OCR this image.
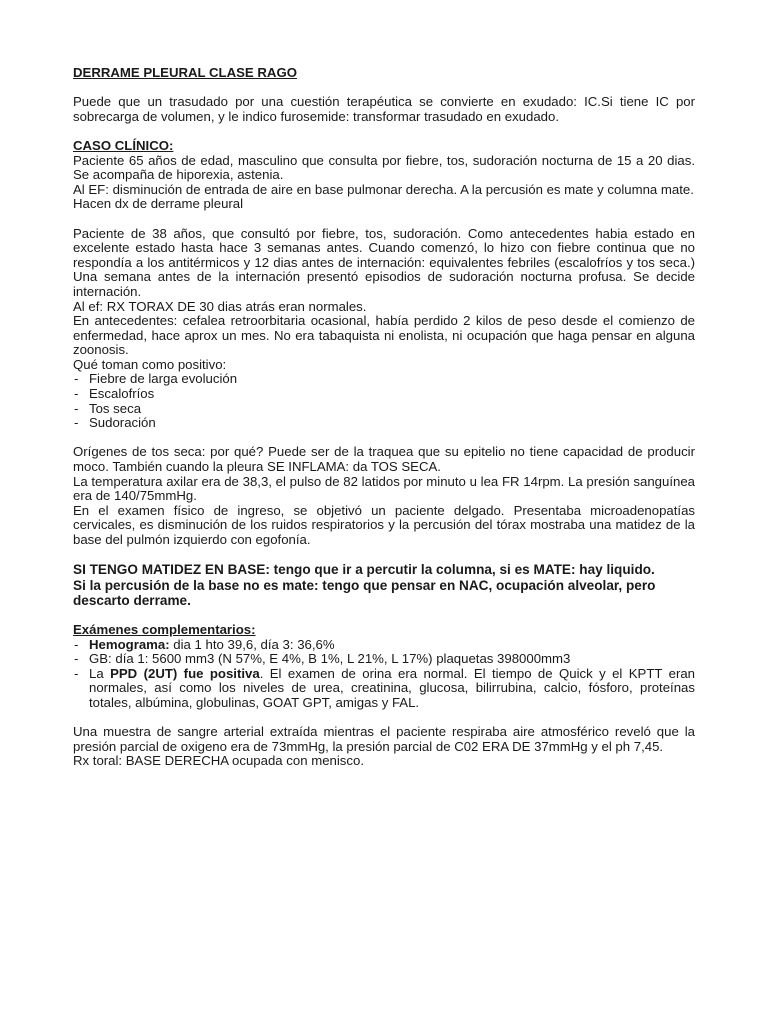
DERRAME PLEURAL CLASE RAGO

Puede que un trasudado por una cuestión terapéutica se convierte en exudado: IC.Si tiene IC por sobrecarga de volumen, y le indico furosemide: transformar trasudado en exudado.

CASO CLÍNICO:

Paciente 65 años de edad, masculino que consulta por fiebre, tos, sudoración nocturna de 15 a 20 dias. Se acompaña de hiporexia, astenia.

Al EF: disminución de entrada de aire en base pulmonar derecha. A la percusión es mate y columna mate.

Hacen dx de derrame pleural

Paciente de 38 años, que consultó por fiebre, tos, sudoración. Como antecedentes habia estado en excelente estado hasta hace 3 semanas antes. Cuando comenzó, lo hizo con fiebre continua que no respondía a los antitérmicos y 12 dias antes de internación: equivalentes febriles (escalofríos y tos seca.) Una semana antes de la internación presentó episodios de sudoración nocturna profusa. Se decide internación.

Al ef: RX TORAX DE 30 dias atrás eran normales.

En antecedentes: cefalea retroorbitaria ocasional, había perdido 2 kilos de peso desde el comienzo de enfermedad, hace aprox un mes. No era tabaquista ni enolista, ni ocupación que haga pensar en alguna zoonosis.

Qué toman como positivo:

- Fiebre de larga evolución
- Escalofríos
- Tos seca
- Sudoración

Orígenes de tos seca: por qué? Puede ser de la traquea que su epitelio no tiene capacidad de producir moco. También cuando la pleura SE INFLAMA: da TOS SECA.

La temperatura axilar era de 38,3, el pulso de 82 latidos por minuto u lea FR 14rpm. La presión sanguínea era de 140/75mmHg.

En el examen físico de ingreso, se objetivó un paciente delgado. Presentaba microadenopatías cervicales, es disminución de los ruidos respiratorios y la percusión del tórax mostraba una matidez de la base del pulmón izquierdo con egofonía.

SI TENGO MATIDEZ EN BASE: tengo que ir a percutir la columna, si es MATE: hay liquido.

Si la percusión de la base no es mate: tengo que pensar en NAC, ocupación alveolar, pero descarto derrame.

Exámenes complementarios:

- Hemograma: dia 1 hto 39,6, día 3: 36,6%
- GB: día 1: 5600 mm3 (N 57%, E 4%, B 1%, L 21%, L 17%) plaquetas 398000mm3
- La PPD (2UT) fue positiva. El examen de orina era normal. El tiempo de Quick y el KPTT eran normales, así como los niveles de urea, creatinina, glucosa, bilirrubina, calcio, fósforo, proteínas totales, albúmina, globulinas, GOAT GPT, amigas y FAL.

Una muestra de sangre arterial extraída mientras el paciente respiraba aire atmosférico reveló que la presión parcial de oxigeno era de 73mmHg, la presión parcial de C02 ERA DE 37mmHg y el ph 7,45.

Rx toral: BASE DERECHA ocupada con menisco.
